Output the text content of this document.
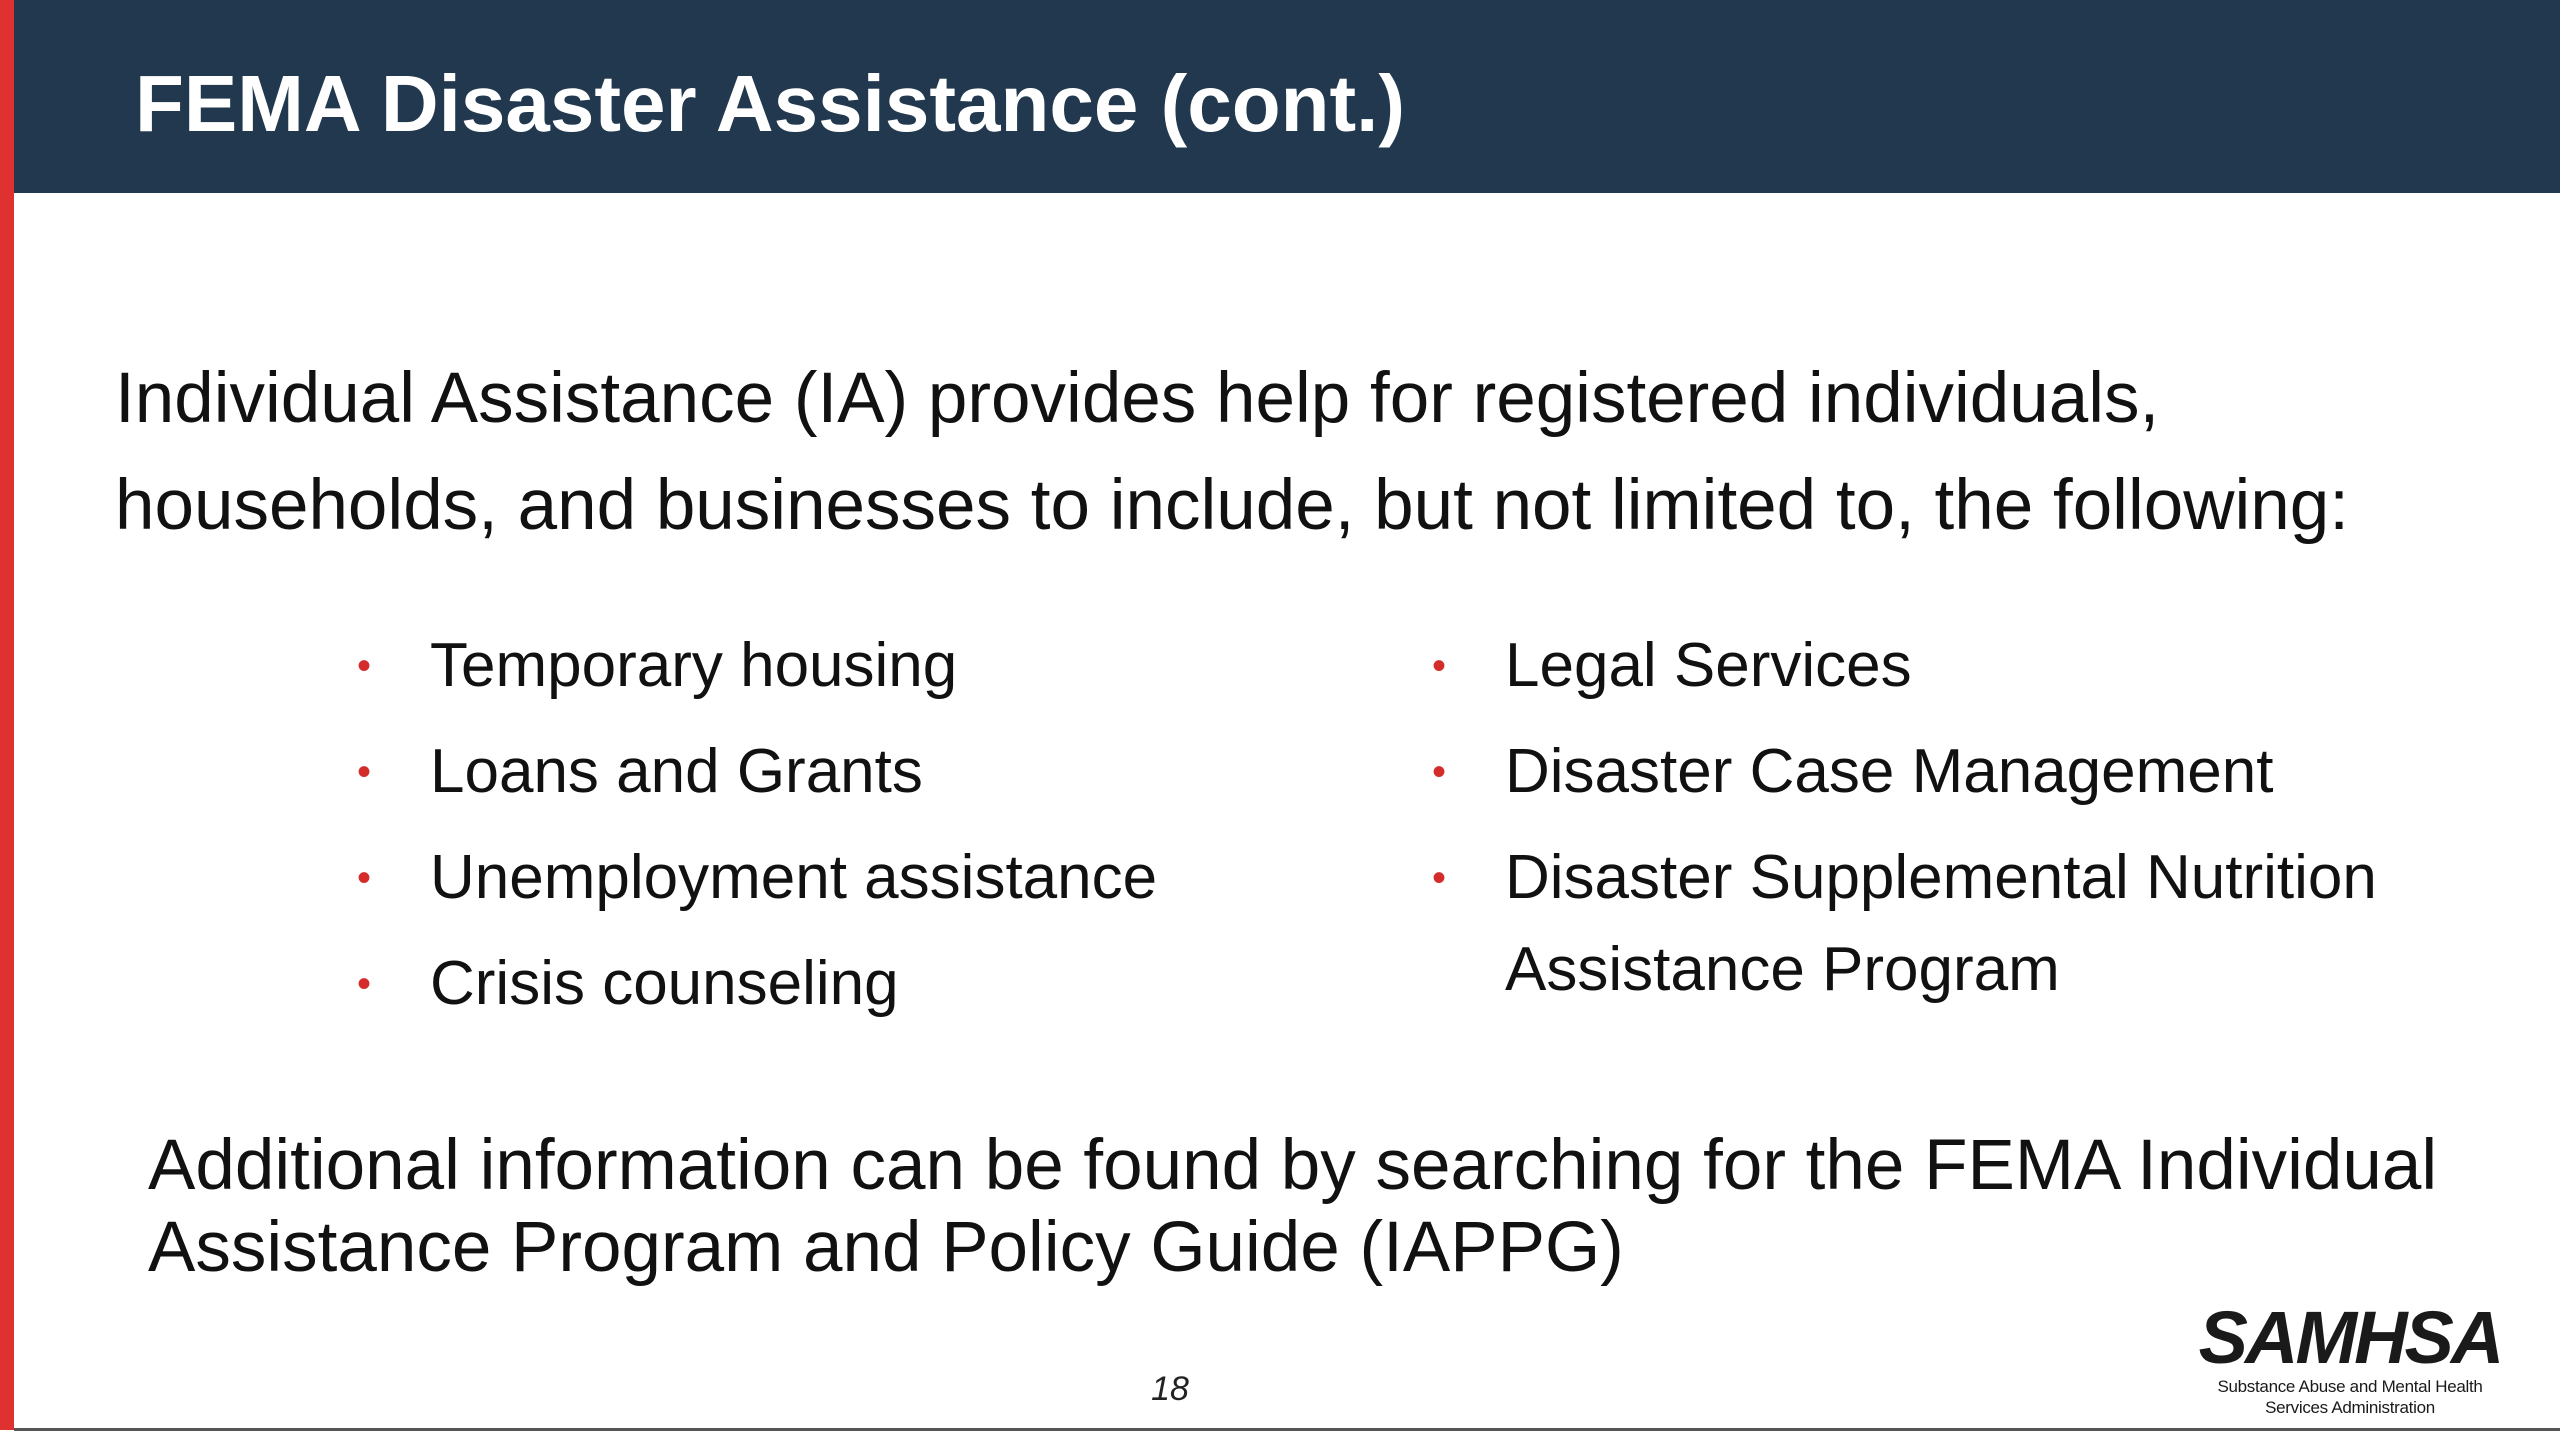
FEMA Disaster Assistance (cont.)

Individual Assistance (IA) provides help for registered individuals, households, and businesses to include, but not limited to, the following:

• Temporary housing
• Loans and Grants
• Unemployment assistance
• Crisis counseling
• Legal Services
• Disaster Case Management
• Disaster Supplemental Nutrition Assistance Program

Additional information can be found by searching for the FEMA Individual Assistance Program and Policy Guide (IAPPG)

18
SAMHSA
Substance Abuse and Mental Health
Services Administration
